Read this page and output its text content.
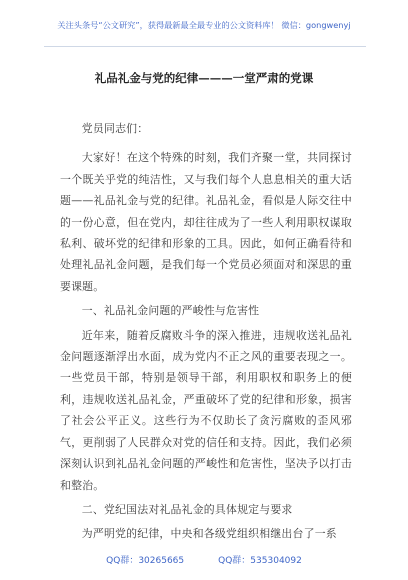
关注头条号“公文研究”，获得最新最全最专业的公文资料库！ 微信：gongwenyj
礼品礼金与党的纪律———一堂严肃的党课

党员同志们：

大家好！在这个特殊的时刻，我们齐聚一堂，共同探讨一个既关乎党的纯洁性，又与我们每个人息息相关的重大话题——礼品礼金与党的纪律。礼品礼金，看似是人际交往中的一份心意，但在党内，却往往成为了一些人利用职权谋取私利、破坏党的纪律和形象的工具。因此，如何正确看待和处理礼品礼金问题，是我们每一个党员必须面对和深思的重要课题。

一、礼品礼金问题的严峻性与危害性

近年来，随着反腐败斗争的深入推进，违规收送礼品礼金问题逐渐浮出水面，成为党内不正之风的重要表现之一。一些党员干部，特别是领导干部，利用职权和职务上的便利，违规收送礼品礼金，严重破坏了党的纪律和形象，损害了社会公平正义。这些行为不仅助长了贪污腐败的歪风邪气，更削弱了人民群众对党的信任和支持。因此，我们必须深刻认识到礼品礼金问题的严峻性和危害性，坚决予以打击和整治。

二、党纪国法对礼品礼金的具体规定与要求

为严明党的纪律，中央和各级党组织相继出台了一系

QQ群：30265665	QQ群：535304092
